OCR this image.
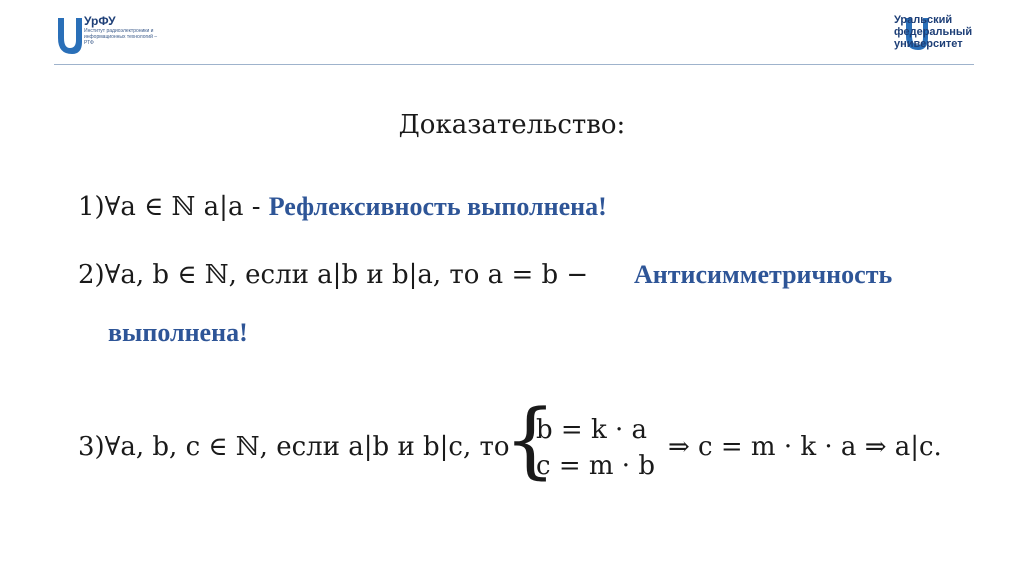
УрФУ
Институт радиоэлектроники и информационных технологий – РТФ
Уральский федеральный университет
Доказательство:
1)∀a ∈ ℕ a|a - Рефлексивность выполнена!
2)∀a, b ∈ ℕ, если a|b и b|a, то a = b − Антисимметричность
выполнена!
3)∀a, b, c ∈ ℕ, если a|b и b|c, то
{
b = k · a
c = m · b
⇒ c = m · k · a ⇒ a|c.
